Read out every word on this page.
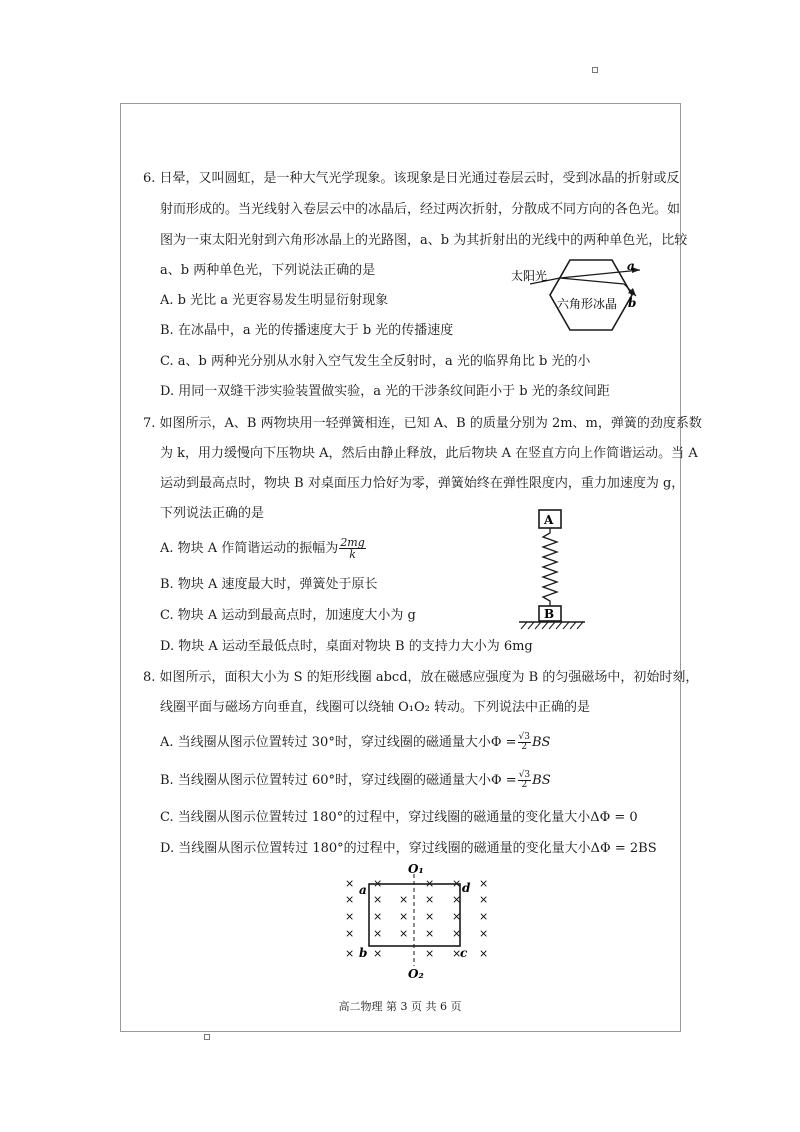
6. 日晕，又叫圆虹，是一种大气光学现象。该现象是日光通过卷层云时，受到冰晶的折射或反
射而形成的。当光线射入卷层云中的冰晶后，经过两次折射，分散成不同方向的各色光。如
图为一束太阳光射到六角形冰晶上的光路图，a、b 为其折射出的光线中的两种单色光，比较
a、b 两种单色光，下列说法正确的是
A. b 光比 a 光更容易发生明显衍射现象
B. 在冰晶中，a 光的传播速度大于 b 光的传播速度
C. a、b 两种光分别从水射入空气发生全反射时，a 光的临界角比 b 光的小
D. 用同一双缝干涉实验装置做实验，a 光的干涉条纹间距小于 b 光的条纹间距
太阳光
a
b
六角形冰晶
7. 如图所示，A、B 两物块用一轻弹簧相连，已知 A、B 的质量分别为 2m、m，弹簧的劲度系数
为 k，用力缓慢向下压物块 A，然后由静止释放，此后物块 A 在竖直方向上作简谐运动。当 A
运动到最高点时，物块 B 对桌面压力恰好为零，弹簧始终在弹性限度内，重力加速度为 g，
下列说法正确的是
A. 物块 A 作简谐运动的振幅为 $\frac{2mg}{k}$
B. 物块 A 速度最大时，弹簧处于原长
C. 物块 A 运动到最高点时，加速度大小为 g
D. 物块 A 运动至最低点时，桌面对物块 B 的支持力大小为 6mg
A
B
8. 如图所示，面积大小为 S 的矩形线圈 abcd，放在磁感应强度为 B 的匀强磁场中，初始时刻，
线圈平面与磁场方向垂直，线圈可以绕轴 O₁O₂ 转动。下列说法中正确的是
A. 当线圈从图示位置转过 30°时，穿过线圈的磁通量大小$\Phi = \frac{√3}{2}$ BS
B. 当线圈从图示位置转过 60°时，穿过线圈的磁通量大小$\Phi = \frac{√3}{2}$ BS
C. 当线圈从图示位置转过 180°的过程中，穿过线圈的磁通量的变化量大小ΔΦ = 0
D. 当线圈从图示位置转过 180°的过程中，穿过线圈的磁通量的变化量大小ΔΦ = 2BS
× ×	× × ×
× × × × × ×
× × × × × ×
× × × × × ×
× ×	× × ×
O₁
O₂
a
b	c
d
高二物理 第 3 页 共 6 页
